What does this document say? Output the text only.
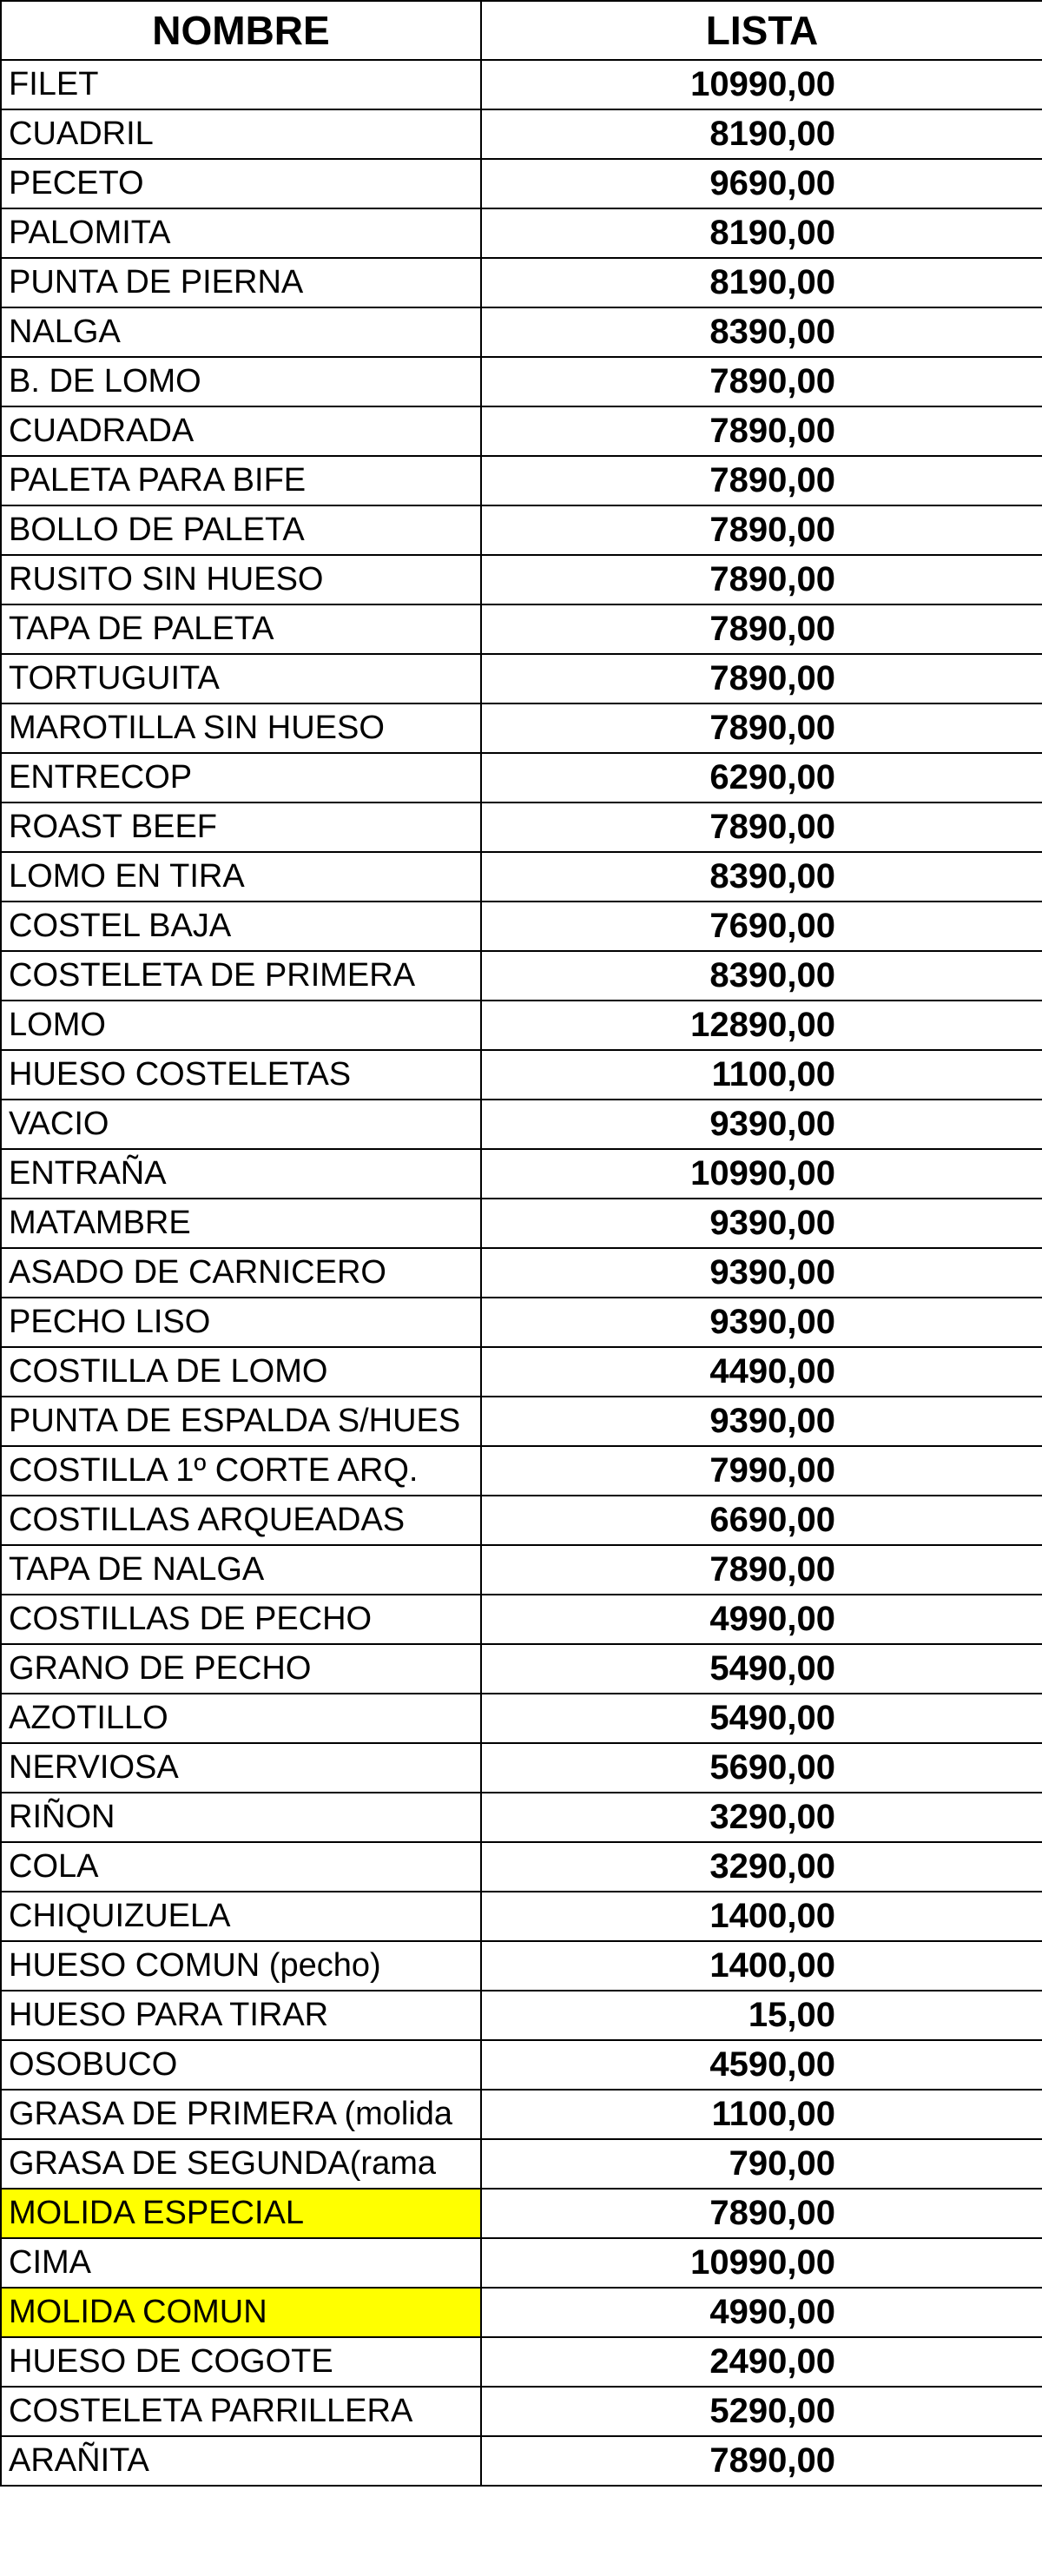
NOMBRE	LISTA
FILET	10990,00
CUADRIL	8190,00
PECETO	9690,00
PALOMITA	8190,00
PUNTA DE PIERNA	8190,00
NALGA	8390,00
B. DE LOMO	7890,00
CUADRADA	7890,00
PALETA PARA BIFE	7890,00
BOLLO DE PALETA	7890,00
RUSITO SIN HUESO	7890,00
TAPA DE PALETA	7890,00
TORTUGUITA	7890,00
MAROTILLA SIN HUESO	7890,00
ENTRECOP	6290,00
ROAST BEEF	7890,00
LOMO EN TIRA	8390,00
COSTEL BAJA	7690,00
COSTELETA DE PRIMERA	8390,00
LOMO	12890,00
HUESO COSTELETAS	1100,00
VACIO	9390,00
ENTRAÑA	10990,00
MATAMBRE	9390,00
ASADO DE CARNICERO	9390,00
PECHO LISO	9390,00
COSTILLA DE LOMO	4490,00
PUNTA DE ESPALDA S/HUES	9390,00
COSTILLA 1º CORTE ARQ.	7990,00
COSTILLAS ARQUEADAS	6690,00
TAPA DE NALGA	7890,00
COSTILLAS DE PECHO	4990,00
GRANO DE PECHO	5490,00
AZOTILLO	5490,00
NERVIOSA	5690,00
RIÑON	3290,00
COLA	3290,00
CHIQUIZUELA	1400,00
HUESO COMUN (pecho)	1400,00
HUESO PARA TIRAR	15,00
OSOBUCO	4590,00
GRASA DE PRIMERA (molida	1100,00
GRASA DE SEGUNDA(rama	790,00
MOLIDA ESPECIAL	7890,00
CIMA	10990,00
MOLIDA COMUN	4990,00
HUESO DE COGOTE	2490,00
COSTELETA PARRILLERA	5290,00
ARAÑITA	7890,00
